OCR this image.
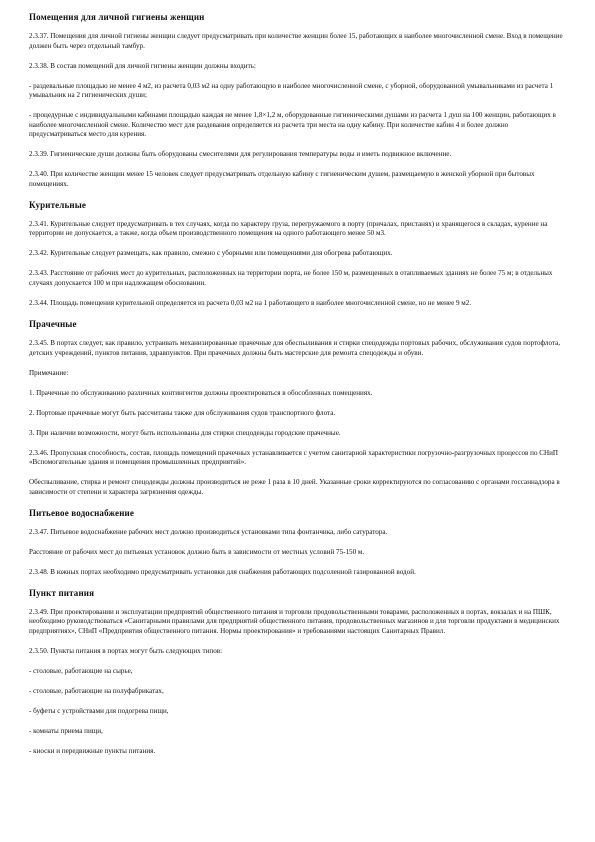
Помещения для личной гигиены женщин
2.3.37. Помещения для личной гигиены женщин следует предусматривать при количестве женщин более 15, работающих в наиболее многочисленной смене. Вход в помещение должен быть через отдельный тамбур.
2.3.38. В состав помещений для личной гигиены женщин должны входить:
- раздевальные площадью не менее 4 м2, из расчета 0,03 м2 на одну работающую в наиболее многочисленной смене, с уборной, оборудованной умывальниками из расчета 1 умывальник на 2 гигиенических души;
- процедурные с индивидуальными кабинами площадью каждая не менее 1,8×1,2 м, оборудованные гигиеническими душами из расчета 1 душ на 100 женщин, работающих в наиболее многочисленной смене. Количество мест для раздевания определяется из расчета три места на одну кабину. При количестве кабин 4 и более должно предусматриваться место для курения.
2.3.39. Гигиенические души должны быть оборудованы смесителями для регулирования температуры воды и иметь подвижное включение.
2.3.40. При количестве женщин менее 15 человек следует предусматривать отдельную кабину с гигиеническим душем, размещаемую в женской уборной при бытовых помещениях.
Курительные
2.3.41. Курительные следует предусматривать в тех случаях, когда по характеру груза, перегружаемого в порту (причалах, пристанях) и хранящегося в складах, курение на территории не допускается, а также, когда объем производственного помещения на одного работающего менее 50 м3.
2.3.42. Курительные следует размещать, как правило, смежно с уборными или помещениями для обогрева работающих.
2.3.43. Расстояние от рабочих мест до курительных, расположенных на территории порта, не более 150 м, размещенных в отапливаемых зданиях не более 75 м; в отдельных случаях допускается 100 м при надлежащем обосновании.
2.3.44. Площадь помещения курительной определяется из расчета 0,03 м2 на 1 работающего в наиболее многочисленной смене, но не менее 9 м2.
Прачечные
2.3.45. В портах следует, как правило, устраивать механизированные прачечные для обеспыливания и стирки спецодежды портовых рабочих, обслуживания судов портофлота, детских учреждений, пунктов питания, здравпунктов. При прачечных должны быть мастерские для ремонта спецодежды и обуви.
Примечание:
1. Прачечные по обслуживанию различных контингентов должны проектироваться в обособленных помещениях.
2. Портовые прачечные могут быть рассчитаны также для обслуживания судов транспортного флота.
3. При наличии возможности, могут быть использованы для стирки спецодежды городские прачечные.
2.3.46. Пропускная способность, состав, площадь помещений прачечных устанавливается с учетом санитарной характеристики погрузочно-разгрузочных процессов по СНиП «Вспомогательные здания и помещения промышленных предприятий».
Обеспыливание, стирка и ремонт спецодежды должны производиться не реже 1 раза в 10 дней. Указанные сроки корректируются по согласованию с органами госсаннадзора в зависимости от степени и характера загрязнения одежды.
Питьевое водоснабжение
2.3.47. Питьевое водоснабжение рабочих мест должно производиться установками типа фонтанчика, либо сатуратора.
Расстояние от рабочих мест до питьевых установок должно быть в зависимости от местных условий 75-150 м.
2.3.48. В южных портах необходимо предусматривать установки для снабжения работающих подсоленной газированной водой.
Пункт питания
2.3.49. При проектировании и эксплуатации предприятий общественного питания и торговли продовольственными товарами, расположенных в портах, вокзалах и на ПШК, необходимо руководствоваться «Санитарными правилами для предприятий общественного питания, продовольственных магазинов и для торговли продуктами в медицинских предприятиях», СНиП «Предприятия общественного питания. Нормы проектирования» и требованиями настоящих Санитарных Правил.
2.3.50. Пункты питания в портах могут быть следующих типов:
- столовые, работающие на сырье,
- столовые, работающие на полуфабрикатах,
- буфеты с устройствами для подогрева пищи,
- комнаты приема пищи,
- киоски и передвижные пункты питания.
